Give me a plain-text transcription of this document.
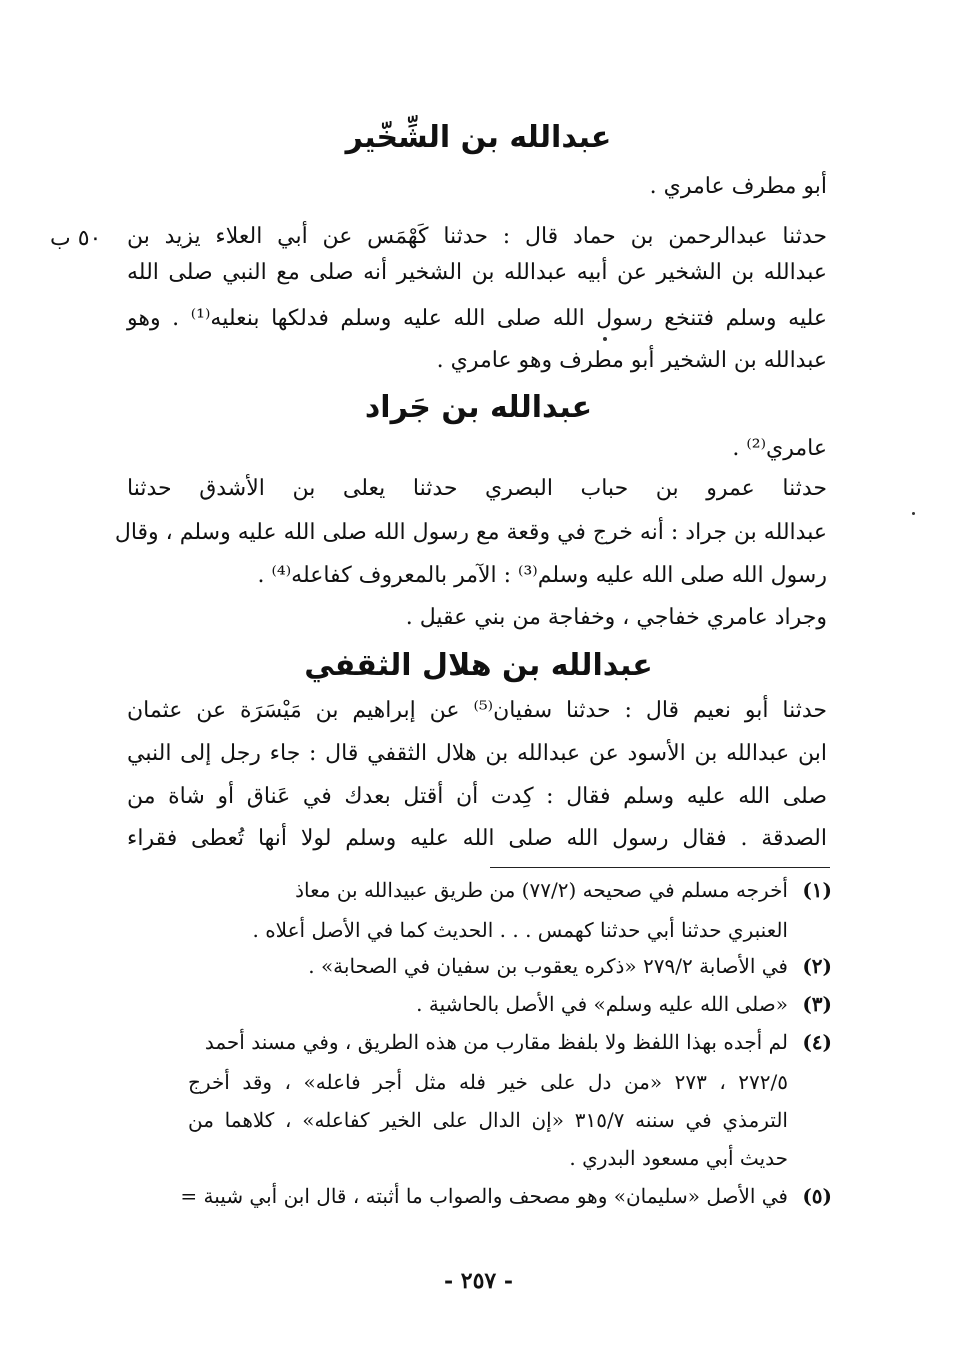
عبدالله بن الشِّخّير
أبو مطرف عامري .
٥٠ ب حدثنا عبدالرحمن بن حماد قال : حدثنا كَهْمَس عن أبي العلاء يزيد بن
عبدالله بن الشخير عن أبيه عبدالله بن الشخير أنه صلى مع النبي صلى الله
عليه وسلم فتنخع رسول الله صلى الله عليه وسلم فدلكها بنعليه⁽¹⁾ . وهو
عبدالله بن الشخير أبو مطرف وهو عامري .
عبدالله بن جَراد
عامري⁽²⁾ .
حدثنا عمرو بن حباب البصري حدثنا يعلى بن الأشدق حدثنا
عبدالله بن جراد : أنه خرج في وقعة مع رسول الله صلى الله عليه وسلم ، وقال
رسول الله صلى الله عليه وسلم⁽³⁾ : الآمر بالمعروف كفاعله⁽⁴⁾ .
وجراد عامري خفاجي ، وخفاجة من بني عقيل .
عبدالله بن هلال الثقفي
حدثنا أبو نعيم قال : حدثنا سفيان⁽⁵⁾ عن إبراهيم بن مَيْسَرَة عن عثمان
ابن عبدالله بن الأسود عن عبدالله بن هلال الثقفي قال : جاء رجل إلى النبي
صلى الله عليه وسلم فقال : كِدت أن أقتل بعدك في عَناق أو شاة من
الصدقة . فقال رسول الله صلى الله عليه وسلم لولا أنها تُعطى فقراء
(١)أخرجه مسلم في صحيحه (٧٧/٢) من طريق عبيدالله بن معاذ
العنبري حدثنا أبي حدثنا كهمس . . . الحديث كما في الأصل أعلاه .
(٢)في الأصابة ٢٧٩/٢ «ذكره يعقوب بن سفيان في الصحابة» .
(٣)«صلى الله عليه وسلم» في الأصل بالحاشية .
(٤)لم أجده بهذا اللفظ ولا بلفظ مقارب من هذه الطريق ، وفي مسند أحمد
٢٧٢/٥ ، ٢٧٣ «من دل على خير فله مثل أجر فاعله» ، وقد أخرج
الترمذي في سننه ٣١٥/٧ «إن الدال على الخير كفاعله» ، كلاهما من
حديث أبي مسعود البدري .
(٥)في الأصل «سليمان» وهو مصحف والصواب ما أثبته ، قال ابن أبي شيبة =
- ٢٥٧ -
